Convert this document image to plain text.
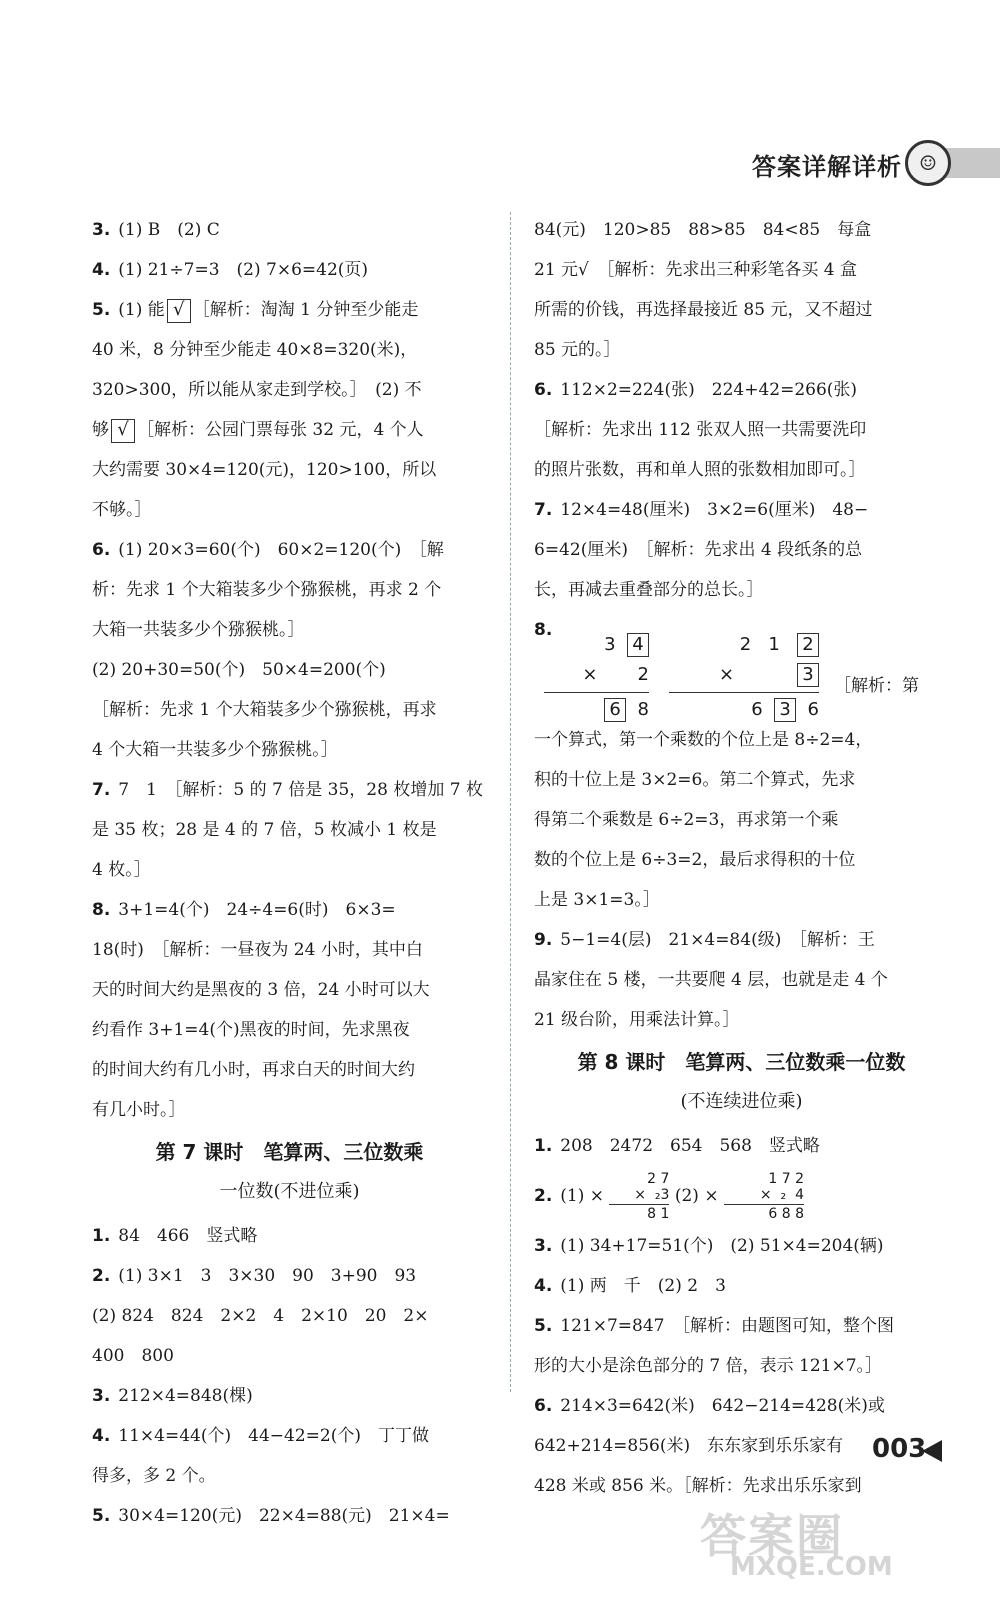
答案详解详析 ☺
3. (1) B　(2) C
4. (1) 21÷7=3　(2) 7×6=42(页)
5. (1) 能 √ ［解析：淘淘 1 分钟至少能走
40 米，8 分钟至少能走 40×8=320(米)，
320>300，所以能从家走到学校。］　(2) 不
够 √ ［解析：公园门票每张 32 元，4 个人
大约需要 30×4=120(元)，120>100，所以
不够。］
6. (1) 20×3=60(个)　60×2=120(个)　［解
析：先求 1 个大箱装多少个猕猴桃，再求 2 个
大箱一共装多少个猕猴桃。］
(2) 20+30=50(个)　50×4=200(个)
［解析：先求 1 个大箱装多少个猕猴桃，再求
4 个大箱一共装多少个猕猴桃。］
7. 7　1　［解析：5 的 7 倍是 35，28 枚增加 7 枚
是 35 枚；28 是 4 的 7 倍，5 枚减小 1 枚是
4 枚。］
8. 3+1=4(个)　24÷4=6(时)　6×3=
18(时)　［解析：一昼夜为 24 小时，其中白
天的时间大约是黑夜的 3 倍，24 小时可以大
约看作 3+1=4(个)黑夜的时间，先求黑夜
的时间大约有几小时，再求白天的时间大约
有几小时。］
第 7 课时　笔算两、三位数乘
一位数(不进位乘)
1. 84　466　竖式略
2. (1) 3×1　3　3×30　90　3+90　93
(2) 824　824　2×2　4　2×10　20　2×
400　800
3. 212×4=848(棵)
4. 11×4=44(个)　44−42=2(个)　丁丁做
得多，多 2 个。
5. 30×4=120(元)　22×4=88(元)　21×4=
84(元)　120>85　88>85　84<85　每盒
21 元√　［解析：先求出三种彩笔各买 4 盒
所需的价钱，再选择最接近 85 元，又不超过
85 元的。］
6. 112×2=224(张)　224+42=266(张)
［解析：先求出 112 张双人照一共需要洗印
的照片张数，再和单人照的张数相加即可。］
7. 12×4=48(厘米)　3×2=6(厘米)　48−
6=42(厘米)　［解析：先求出 4 段纸条的总
长，再减去重叠部分的总长。］
8.
3 4
× 2
6 8
2 1 2
×	3
6 3 6
［解析：第
一个算式，第一个乘数的个位上是 8÷2=4，
积的十位上是 3×2=6。第二个算式，先求
得第二个乘数是 6÷2=3，再求第一个乘
数的个位上是 6÷3=2，最后求得积的十位
上是 3×1=3。］
9. 5−1=4(层)　21×4=84(级)　［解析：王
晶家住在 5 楼，一共要爬 4 层，也就是走 4 个
21 级台阶，用乘法计算。］
第 8 课时　笔算两、三位数乘一位数
(不连续进位乘)
1. 208　2472　654　568　竖式略
2. (1) ×
2 7
×  ₂3
8 1
(2) ×
1 7 2
×  ₂  4
6 8 8
3. (1) 34+17=51(个)　(2) 51×4=204(辆)
4. (1) 两　千　(2) 2　3
5. 121×7=847　［解析：由题图可知，整个图
形的大小是涂色部分的 7 倍，表示 121×7。］
6. 214×3=642(米)　642−214=428(米)或
642+214=856(米)　东东家到乐乐家有
428 米或 856 米。［解析：先求出乐乐家到
003
答案圈
MXQE.COM
